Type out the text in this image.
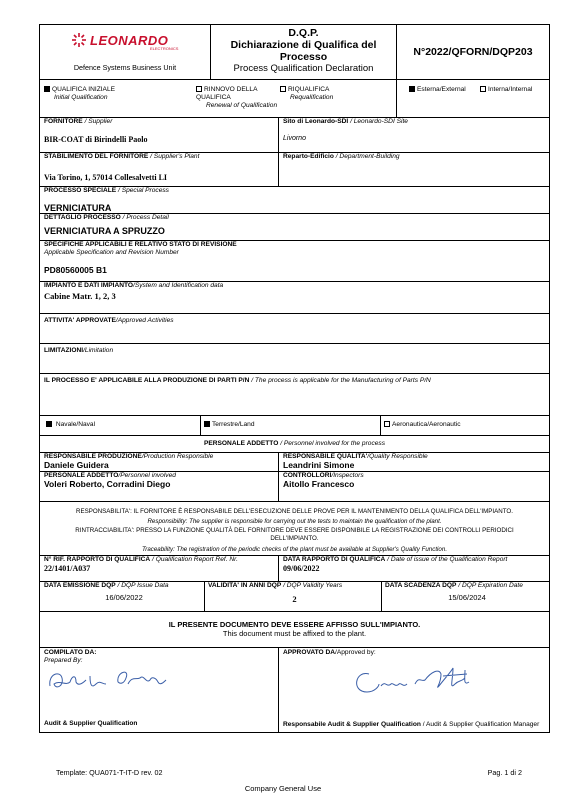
LEONARDO
ELECTRONICS
Defence Systems Business Unit
D.Q.P.
Dichiarazione di Qualifica del Processo
Process Qualification Declaration
N°2022/QFORN/DQP203
QUALIFICA INIZIALE
Initial Qualification
RINNOVO DELLA QUALIFICA
Renewal of Qualification
RIQUALIFICA
Requalification
Esterna/External	Interna/Internal
FORNITORE / Supplier
BIR-COAT di Birindelli Paolo
Sito di Leonardo-SDI / Leonardo-SDI Site
Livorno
STABILIMENTO DEL FORNITORE / Supplier's Plant
Via Torino, 1, 57014 Collesalvetti LI
Reparto-Edificio / Department-Building
PROCESSO SPECIALE / Special Process
VERNICIATURA
DETTAGLIO PROCESSO / Process Detail
VERNICIATURA A SPRUZZO
SPECIFICHE APPLICABILI E RELATIVO STATO DI REVISIONE
Applicable Specification and Revision Number
PD80560005 B1
IMPIANTO E DATI IMPIANTO/System and Identification data
Cabine Matr. 1, 2, 3
ATTIVITA' APPROVATE/Approved Activities
LIMITAZIONI/Limitation
IL PROCESSO E' APPLICABILE ALLA PRODUZIONE DI PARTI P/N / The process is applicable for the Manufacturing of Parts P/N
Navale/Naval	Terrestre/Land	Aeronautica/Aeronautic
PERSONALE ADDETTO / Personnel involved for the process
RESPONSABILE PRODUZIONE/Production Responsible
Daniele Guidera
RESPONSABILE QUALITA'/Quality Responsible
Leandrini Simone
PERSONALE ADDETTO/Personnel involved
Voleri Roberto, Corradini Diego
CONTROLLORI/Inspectors
Aitollo Francesco
RESPONSABILITA': IL FORNITORE È RESPONSABILE DELL'ESECUZIONE DELLE PROVE PER IL MANTENIMENTO DELLA QUALIFICA DELL'IMPIANTO.
Responsibility: The supplier is responsible for carrying out the tests to maintain the qualification of the plant.
RINTRACCIABILITA': PRESSO LA FUNZIONE QUALITÀ DEL FORNITORE DEVE ESSERE DISPONIBILE LA REGISTRAZIONE DEI CONTROLLI PERIODICI DELL'IMPIANTO.
Traceability: The registration of the periodic checks of the plant must be available at Supplier's Quality Function.
N° RIF. RAPPORTO DI QUALIFICA / Qualification Report Ref. Nr.
22/1401/A037
DATA RAPPORTO DI QUALIFICA / Date of issue of the Qualification Report
09/06/2022
DATA EMISSIONE DQP / DQP Issue Data
16/06/2022
VALIDITA' IN ANNI DQP / DQP Validity Years
2
DATA SCADENZA DQP / DQP Expiration Date
15/06/2024
IL PRESENTE DOCUMENTO DEVE ESSERE AFFISSO SULL'IMPIANTO.
This document must be affixed to the plant.
COMPILATO DA:
Prepared By:
Audit & Supplier Qualification
APPROVATO DA/Approved by:
Responsabile Audit & Supplier Qualification / Audit & Supplier Qualification Manager
Template: QUA071-T-IT-D rev. 02	Pag. 1 di 2
Company General Use
